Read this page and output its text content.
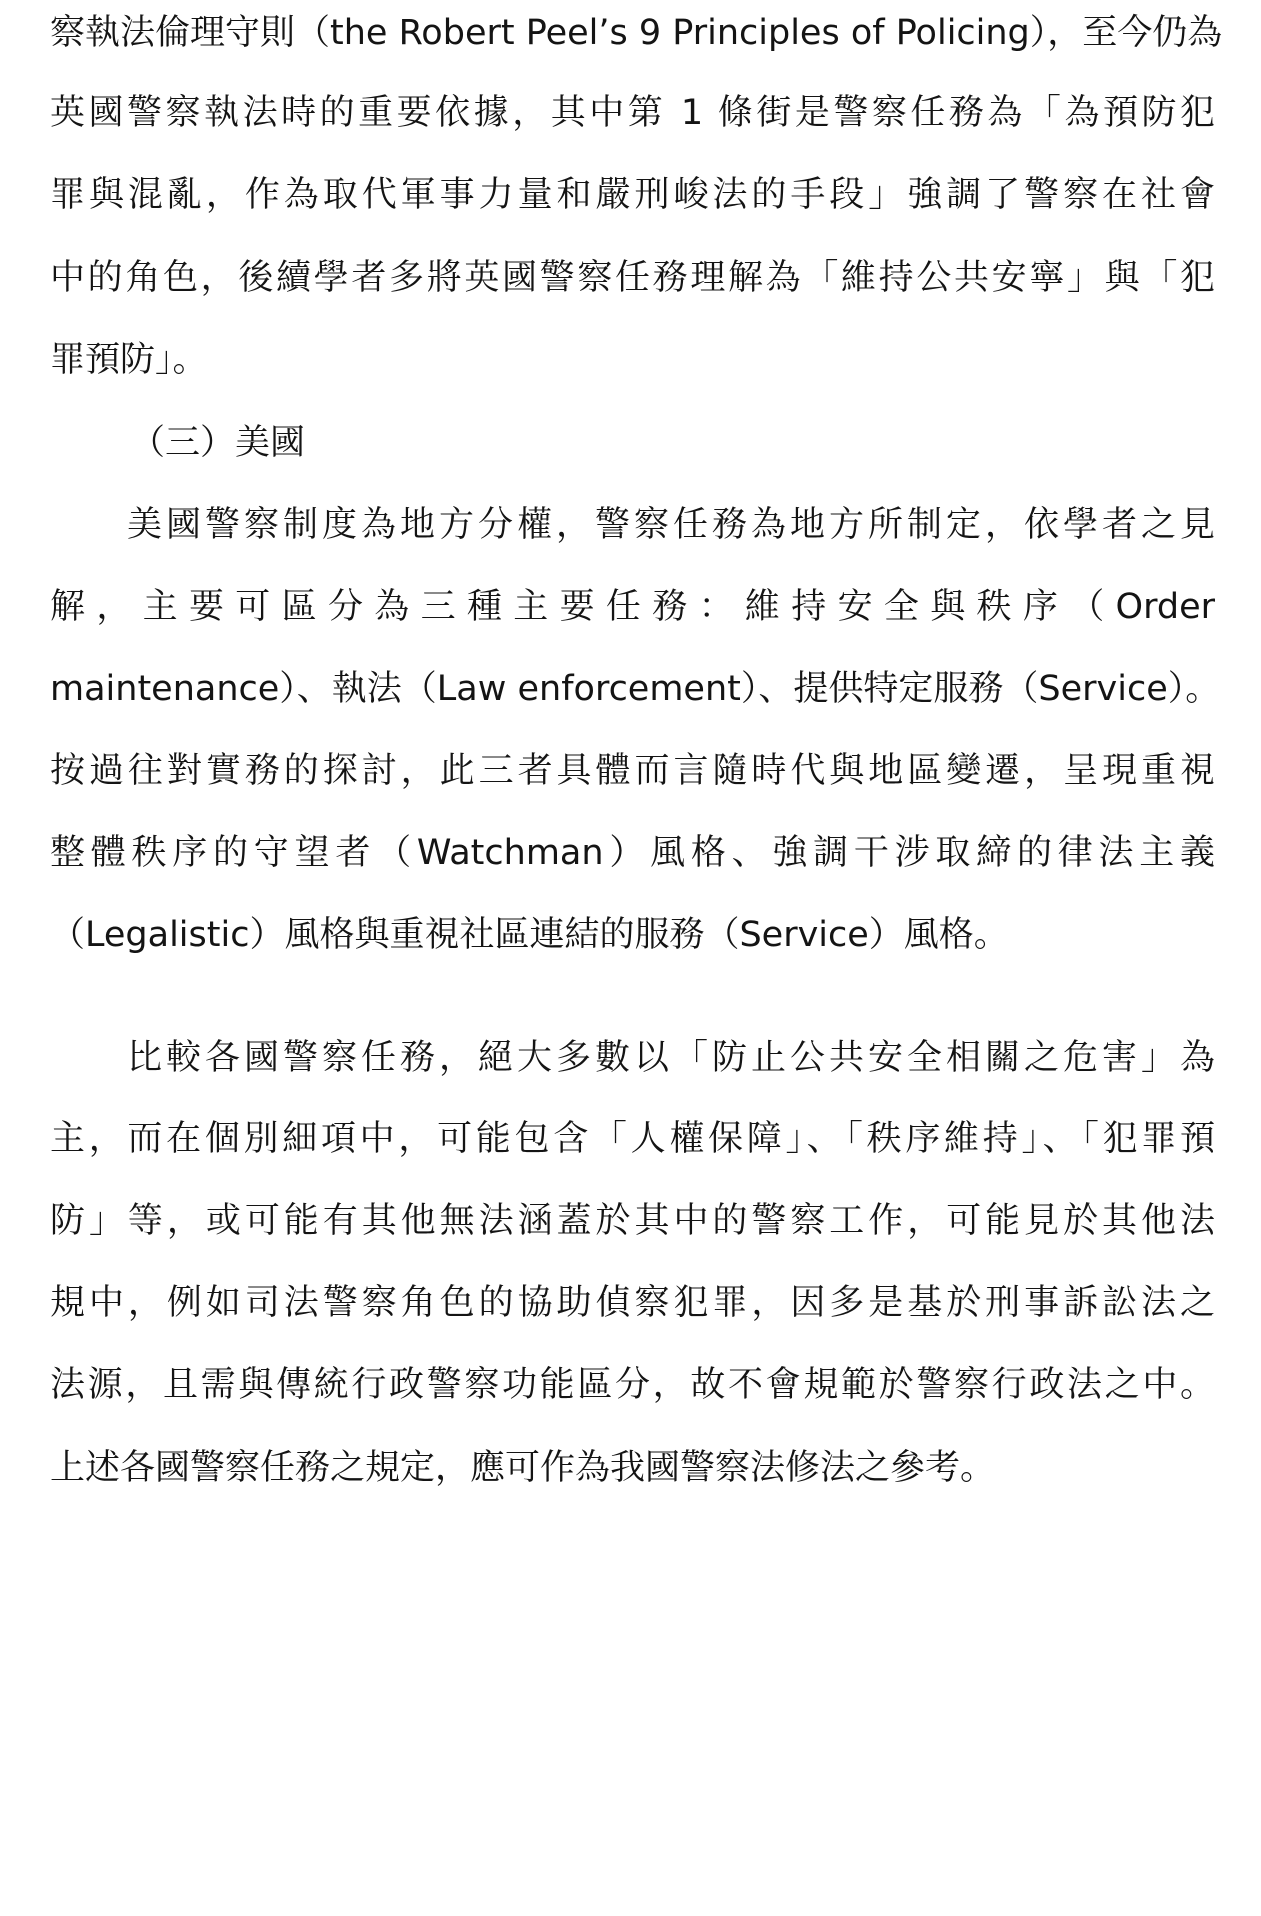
察執法倫理守則（the Robert Peel’s 9 Principles of Policing），至今仍為
英國警察執法時的重要依據，其中第 1 條街是警察任務為「為預防犯
罪與混亂，作為取代軍事力量和嚴刑峻法的手段」強調了警察在社會
中的角色，後續學者多將英國警察任務理解為「維持公共安寧」與「犯
罪預防」。
（三）美國
美國警察制度為地方分權，警察任務為地方所制定，依學者之見
解，主要可區分為三種主要任務：維持安全與秩序（Order
maintenance）、執法（Law enforcement）、提供特定服務（Service）。
按過往對實務的探討，此三者具體而言隨時代與地區變遷，呈現重視
整體秩序的守望者（Watchman）風格、強調干涉取締的律法主義
（Legalistic）風格與重視社區連結的服務（Service）風格。
比較各國警察任務，絕大多數以「防止公共安全相關之危害」為
主，而在個別細項中，可能包含「人權保障」、「秩序維持」、「犯罪預
防」等，或可能有其他無法涵蓋於其中的警察工作，可能見於其他法
規中，例如司法警察角色的協助偵察犯罪，因多是基於刑事訴訟法之
法源，且需與傳統行政警察功能區分，故不會規範於警察行政法之中。
上述各國警察任務之規定，應可作為我國警察法修法之參考。
